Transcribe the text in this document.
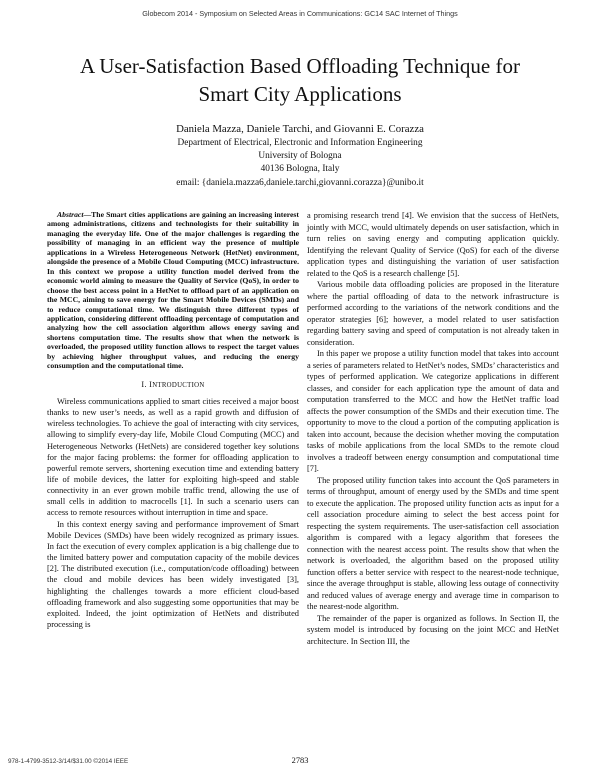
Globecom 2014 - Symposium on Selected Areas in Communications: GC14 SAC Internet of Things
A User-Satisfaction Based Offloading Technique for
Smart City Applications
Daniela Mazza, Daniele Tarchi, and Giovanni E. Corazza
Department of Electrical, Electronic and Information Engineering
University of Bologna
40136 Bologna, Italy
email: {daniela.mazza6,daniele.tarchi,giovanni.corazza}@unibo.it

Abstract—The Smart cities applications are gaining an increasing interest among administrations, citizens and technologists for their suitability in managing the everyday life. One of the major challenges is regarding the possibility of managing in an efficient way the presence of multiple applications in a Wireless Heterogeneous Network (HetNet) environment, alongside the presence of a Mobile Cloud Computing (MCC) infrastructure. In this context we propose a utility function model derived from the economic world aiming to measure the Quality of Service (QoS), in order to choose the best access point in a HetNet to offload part of an application on the MCC, aiming to save energy for the Smart Mobile Devices (SMDs) and to reduce computational time. We distinguish three different types of application, considering different offloading percentage of computation and analyzing how the cell association algorithm allows energy saving and shortens computation time. The results show that when the network is overloaded, the proposed utility function allows to respect the target values by achieving higher throughput values, and reducing the energy consumption and the computational time.

I. INTRODUCTION

Wireless communications applied to smart cities received a major boost thanks to new user’s needs, as well as a rapid growth and diffusion of wireless technologies. To achieve the goal of interacting with city services, allowing to simplify every-day life, Mobile Cloud Computing (MCC) and Heterogeneous Networks (HetNets) are considered together key solutions for the major facing problems: the former for offloading application to powerful remote servers, shortening execution time and extending battery life of mobile devices, the latter for exploiting high-speed and stable connectivity in an ever grown mobile traffic trend, allowing the use of small cells in addition to macrocells [1]. In such a scenario users can access to remote resources without interruption in time and space.

In this context energy saving and performance improvement of Smart Mobile Devices (SMDs) have been widely recognized as primary issues. In fact the execution of every complex application is a big challenge due to the limited battery power and computation capacity of the mobile devices [2]. The distributed execution (i.e., computation/code offloading) between the cloud and mobile devices has been widely investigated [3], highlighting the challenges towards a more efficient cloud-based offloading framework and also suggesting some opportunities that may be exploited. Indeed, the joint optimization of HetNets and distributed processing is

a promising research trend [4]. We envision that the success of HetNets, jointly with MCC, would ultimately depends on user satisfaction, which in turn relies on saving energy and computing application quickly. Identifying the relevant Quality of Service (QoS) for each of the diverse application types and distinguishing the variation of user satisfaction related to the QoS is a research challenge [5].

Various mobile data offloading policies are proposed in the literature where the partial offloading of data to the network infrastructure is performed according to the variations of the network conditions and the operator strategies [6]; however, a model related to user satisfaction regarding battery saving and speed of computation is not already taken in consideration.

In this paper we propose a utility function model that takes into account a series of parameters related to HetNet’s nodes, SMDs’ characteristics and types of performed application. We categorize applications in different classes, and consider for each application type the amount of data and computation transferred to the MCC and how the HetNet traffic load affects the power consumption of the SMDs and their execution time. The opportunity to move to the cloud a portion of the computing application is taken into account, because the decision whether moving the computation tasks of mobile applications from the local SMDs to the remote cloud involves a tradeoff between energy consumption and computational time [7].

The proposed utility function takes into account the QoS parameters in terms of throughput, amount of energy used by the SMDs and time spent to execute the application. The proposed utility function acts as input for a cell association procedure aiming to select the best access point for respecting the system requirements. The user-satisfaction cell association algorithm is compared with a legacy algorithm that foresees the connection with the nearest access point. The results show that when the network is overloaded, the algorithm based on the proposed utility function offers a better service with respect to the nearest-node technique, since the average throughput is stable, allowing less outage of connectivity and reduced values of average energy and average time in comparison to the nearest-node algorithm.

The remainder of the paper is organized as follows. In Section II, the system model is introduced by focusing on the joint MCC and HetNet architecture. In Section III, the

978-1-4799-3512-3/14/$31.00 ©2014 IEEE	2783
